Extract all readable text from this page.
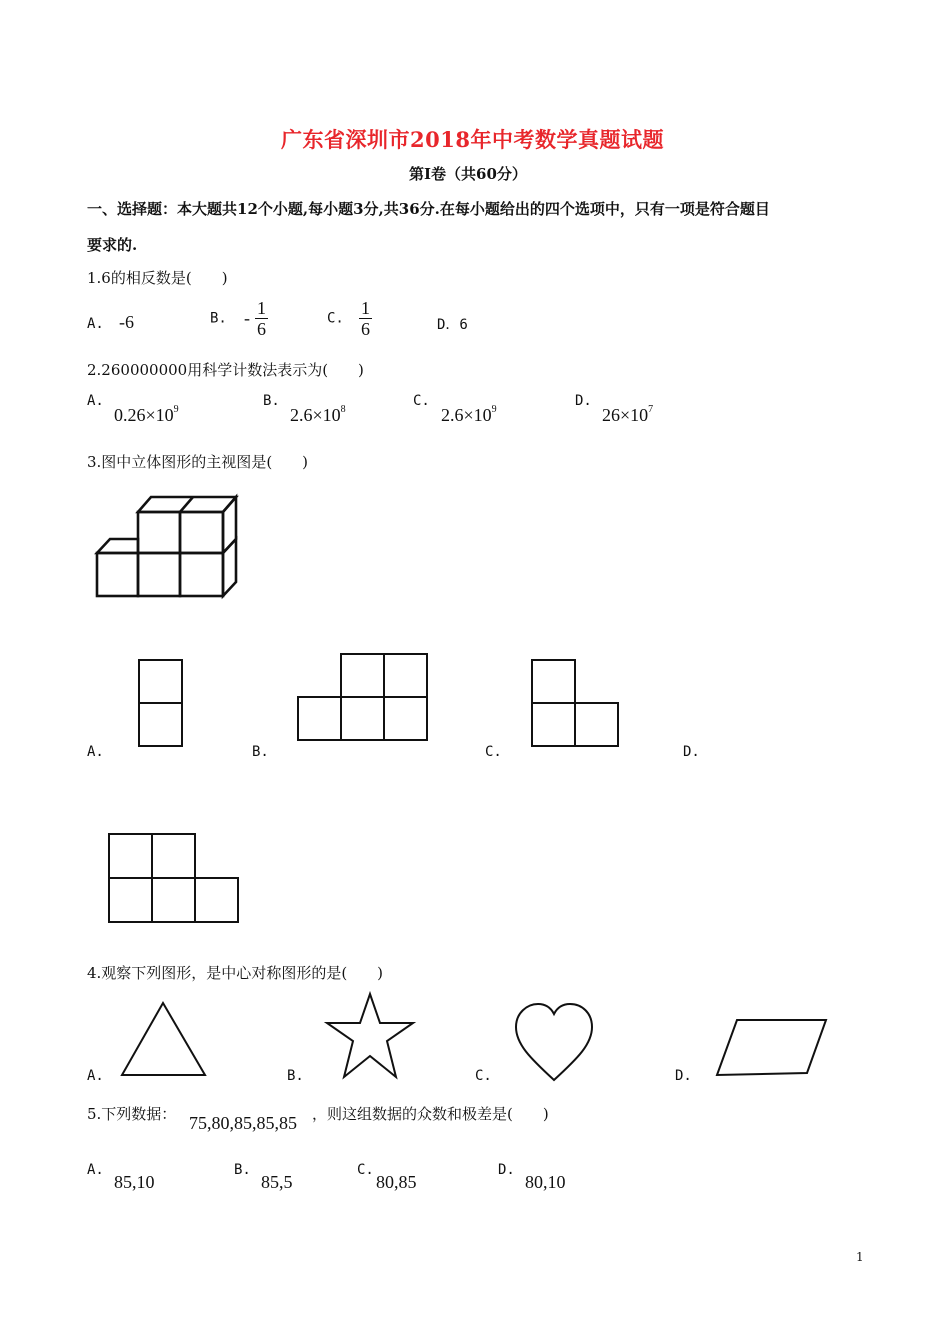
广东省深圳市2018年中考数学真题试题
第Ⅰ卷（共60分）
一、选择题：本大题共12个小题,每小题3分,共36分.在每小题给出的四个选项中，只有一项是符合题目
要求的.
1.6的相反数是(　　)
A. -6	B. - $\frac{1}{6}$	C. $\frac{1}{6}$	D．6
2.260000000用科学计数法表示为(　　)
A.
$0.26\times 10^9$
B.
$2.6\times 10^8$
C.
$2.6\times 10^9$
D.
$26\times 10^7$
3.图中立体图形的主视图是(　　)
A.	B.	C.	D.
4.观察下列图形，是中心对称图形的是(　　)
A.	B.	C.	D.
5.下列数据： 75,80,85,85,85 ，则这组数据的众数和极差是(　　)
A.
85,10
B.
85,5
C.
80,85
D.
80,10
1
